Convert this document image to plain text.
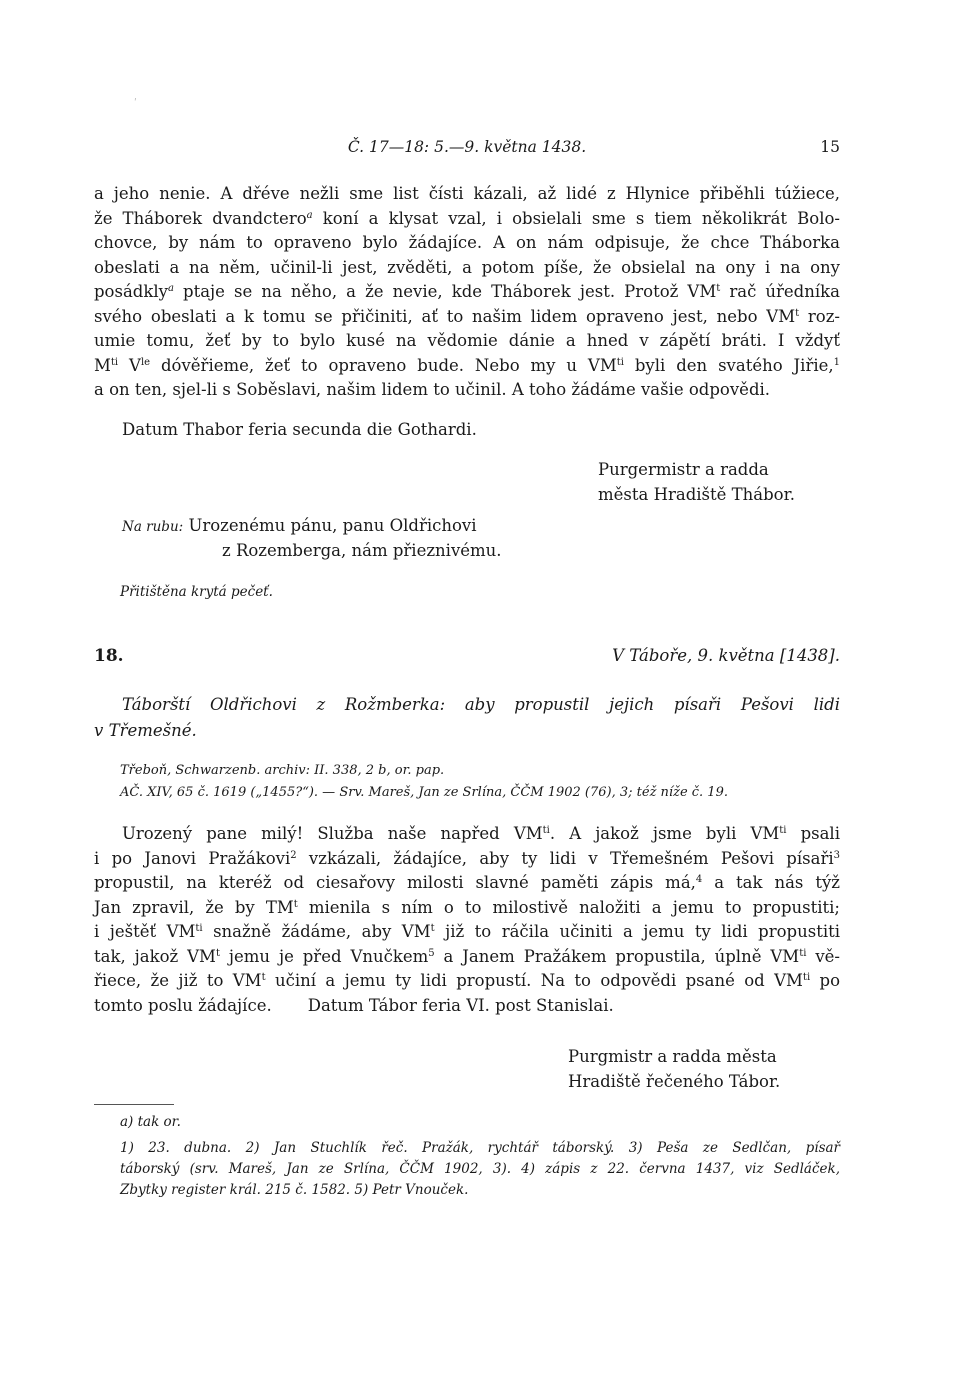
Č. 17—18: 5.—9. května 1438.	15
a jeho nenie. A dřéve nežli sme list čísti kázali, až lidé z Hlynice přiběhli túžiece,
že Tháborek dvandctero$^a$ koní a klysat vzal, i obsielali sme s tiem několikrát Bolo-
chovce, by nám to opraveno bylo žádajíce. A on nám odpisuje, že chce Tháborka
obeslati a na něm, učinil-li jest, zvěděti, a potom píše, že obsielal na ony i na ony
posádkly$^a$ ptaje se na něho, a že nevie, kde Tháborek jest. Protož $VM^t$ rač úředníka
svého obeslati a k tomu se přičiniti, ať to našim lidem opraveno jest, nebo $VM^t$ roz-
umie tomu, žeť by to bylo kusé na vědomie dánie a hned v zápětí bráti. I vždyť
$M^{ti}$ $V^{le}$ dóvěřieme, žeť to opraveno bude. Nebo my u $VM^{ti}$ byli den svatého Jiřie,$^1$
a on ten, sjel-li s Soběslavi, našim lidem to učinil. A toho žádáme vašie odpovědi.
Datum Thabor feria secunda die Gothardi.
Purgermistr a radda
města Hradiště Thábor.
Na rubu: Urozenému pánu, panu Oldřichovi
z Rozemberga, nám přieznivému.
Přitištěna krytá pečeť.
18.	V Táboře, 9. května [1438].
Táborští Oldřichovi z Rožmberka: aby propustil jejich písaři Pešovi lidi
v Třemešné.
Třeboň, Schwarzenb. archiv: II. 338, 2 b, or. pap.
AČ. XIV, 65 č. 1619 („1455?“). — Srv. Mareš, Jan ze Srlína, ČČM 1902 (76), 3; též níže č. 19.
Urozený pane milý! Služba naše napřed $VM^{ti}$. A jakož jsme byli $VM^{ti}$ psali
i po Janovi Pražákovi$^2$ vzkázali, žádajíce, aby ty lidi v Třemešném Pešovi písaři$^3$
propustil, na kteréž od ciesařovy milosti slavné paměti zápis má,$^4$ a tak nás týž
Jan zpravil, že by $TM^t$ mienila s ním o to milostivě naložiti a jemu to propustiti;
i ještěť $VM^{ti}$ snažně žádáme, aby $VM^t$ již to ráčila učiniti a jemu ty lidi propustiti
tak, jakož $VM^t$ jemu je před Vnučkem$^5$ a Janem Pražákem propustila, úplně $VM^{ti}$ vě-
řiece, že již to $VM^t$ učiní a jemu ty lidi propustí. Na to odpovědi psané od $VM^{ti}$ po
tomto poslu žádajíce. Datum Tábor feria VI. post Stanislai.
Purgmistr a radda města
Hradiště řečeného Tábor.
a) tak or.
1) 23. dubna. 2) Jan Stuchlík řeč. Pražák, rychtář táborský. 3) Peša ze Sedlčan, písař
táborský (srv. Mareš, Jan ze Srlína, ČČM 1902, 3). 4) zápis z 22. června 1437, viz Sedláček,
Zbytky register král. 215 č. 1582. 5) Petr Vnouček.
ʹ
